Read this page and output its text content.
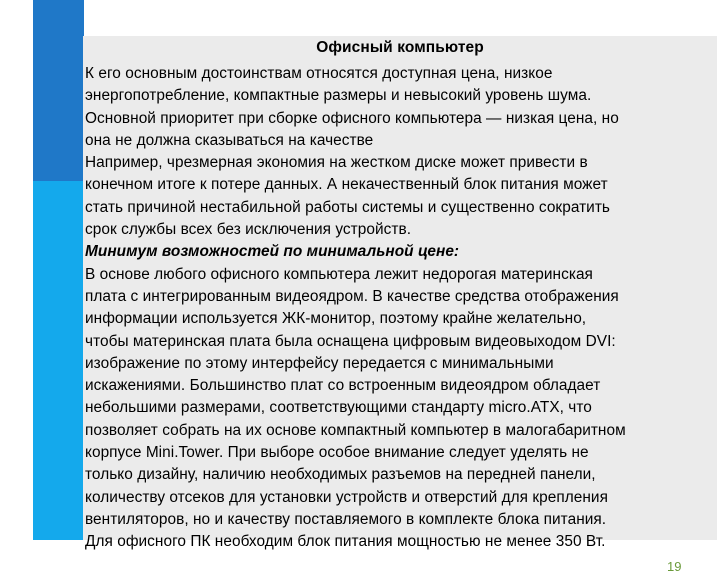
Офисный компьютер
К его основным достоинствам относятся доступная цена, низкое
энергопотребление, компактные размеры и невысокий уровень шума.
Основной приоритет при сборке офисного компьютера — низкая цена, но
она не должна сказываться на качестве
Например, чрезмерная экономия на жестком диске может привести в
конечном итоге к потере данных. А некачественный блок питания может
стать причиной нестабильной работы системы и существенно сократить
срок службы всех без исключения устройств.
Минимум возможностей по минимальной цене:
В основе любого офисного компьютера лежит недорогая материнская
плата с интегрированным видеоядром. В качестве средства отображения
информации используется ЖК-монитор, поэтому крайне желательно,
чтобы материнская плата была оснащена цифровым видеовыходом DVI:
изображение по этому интерфейсу передается с минимальными
искажениями. Большинство плат со встроенным видеоядром обладает
небольшими размерами, соответствующими стандарту micro.ATX, что
позволяет собрать на их основе компактный компьютер в малогабаритном
корпусе Mini.Tower. При выборе особое внимание следует уделять не
только дизайну, наличию необходимых разъемов на передней панели,
количеству отсеков для установки устройств и отверстий для крепления
вентиляторов, но и качеству поставляемого в комплекте блока питания.
Для офисного ПК необходим блок питания мощностью не менее 350 Вт.
19
